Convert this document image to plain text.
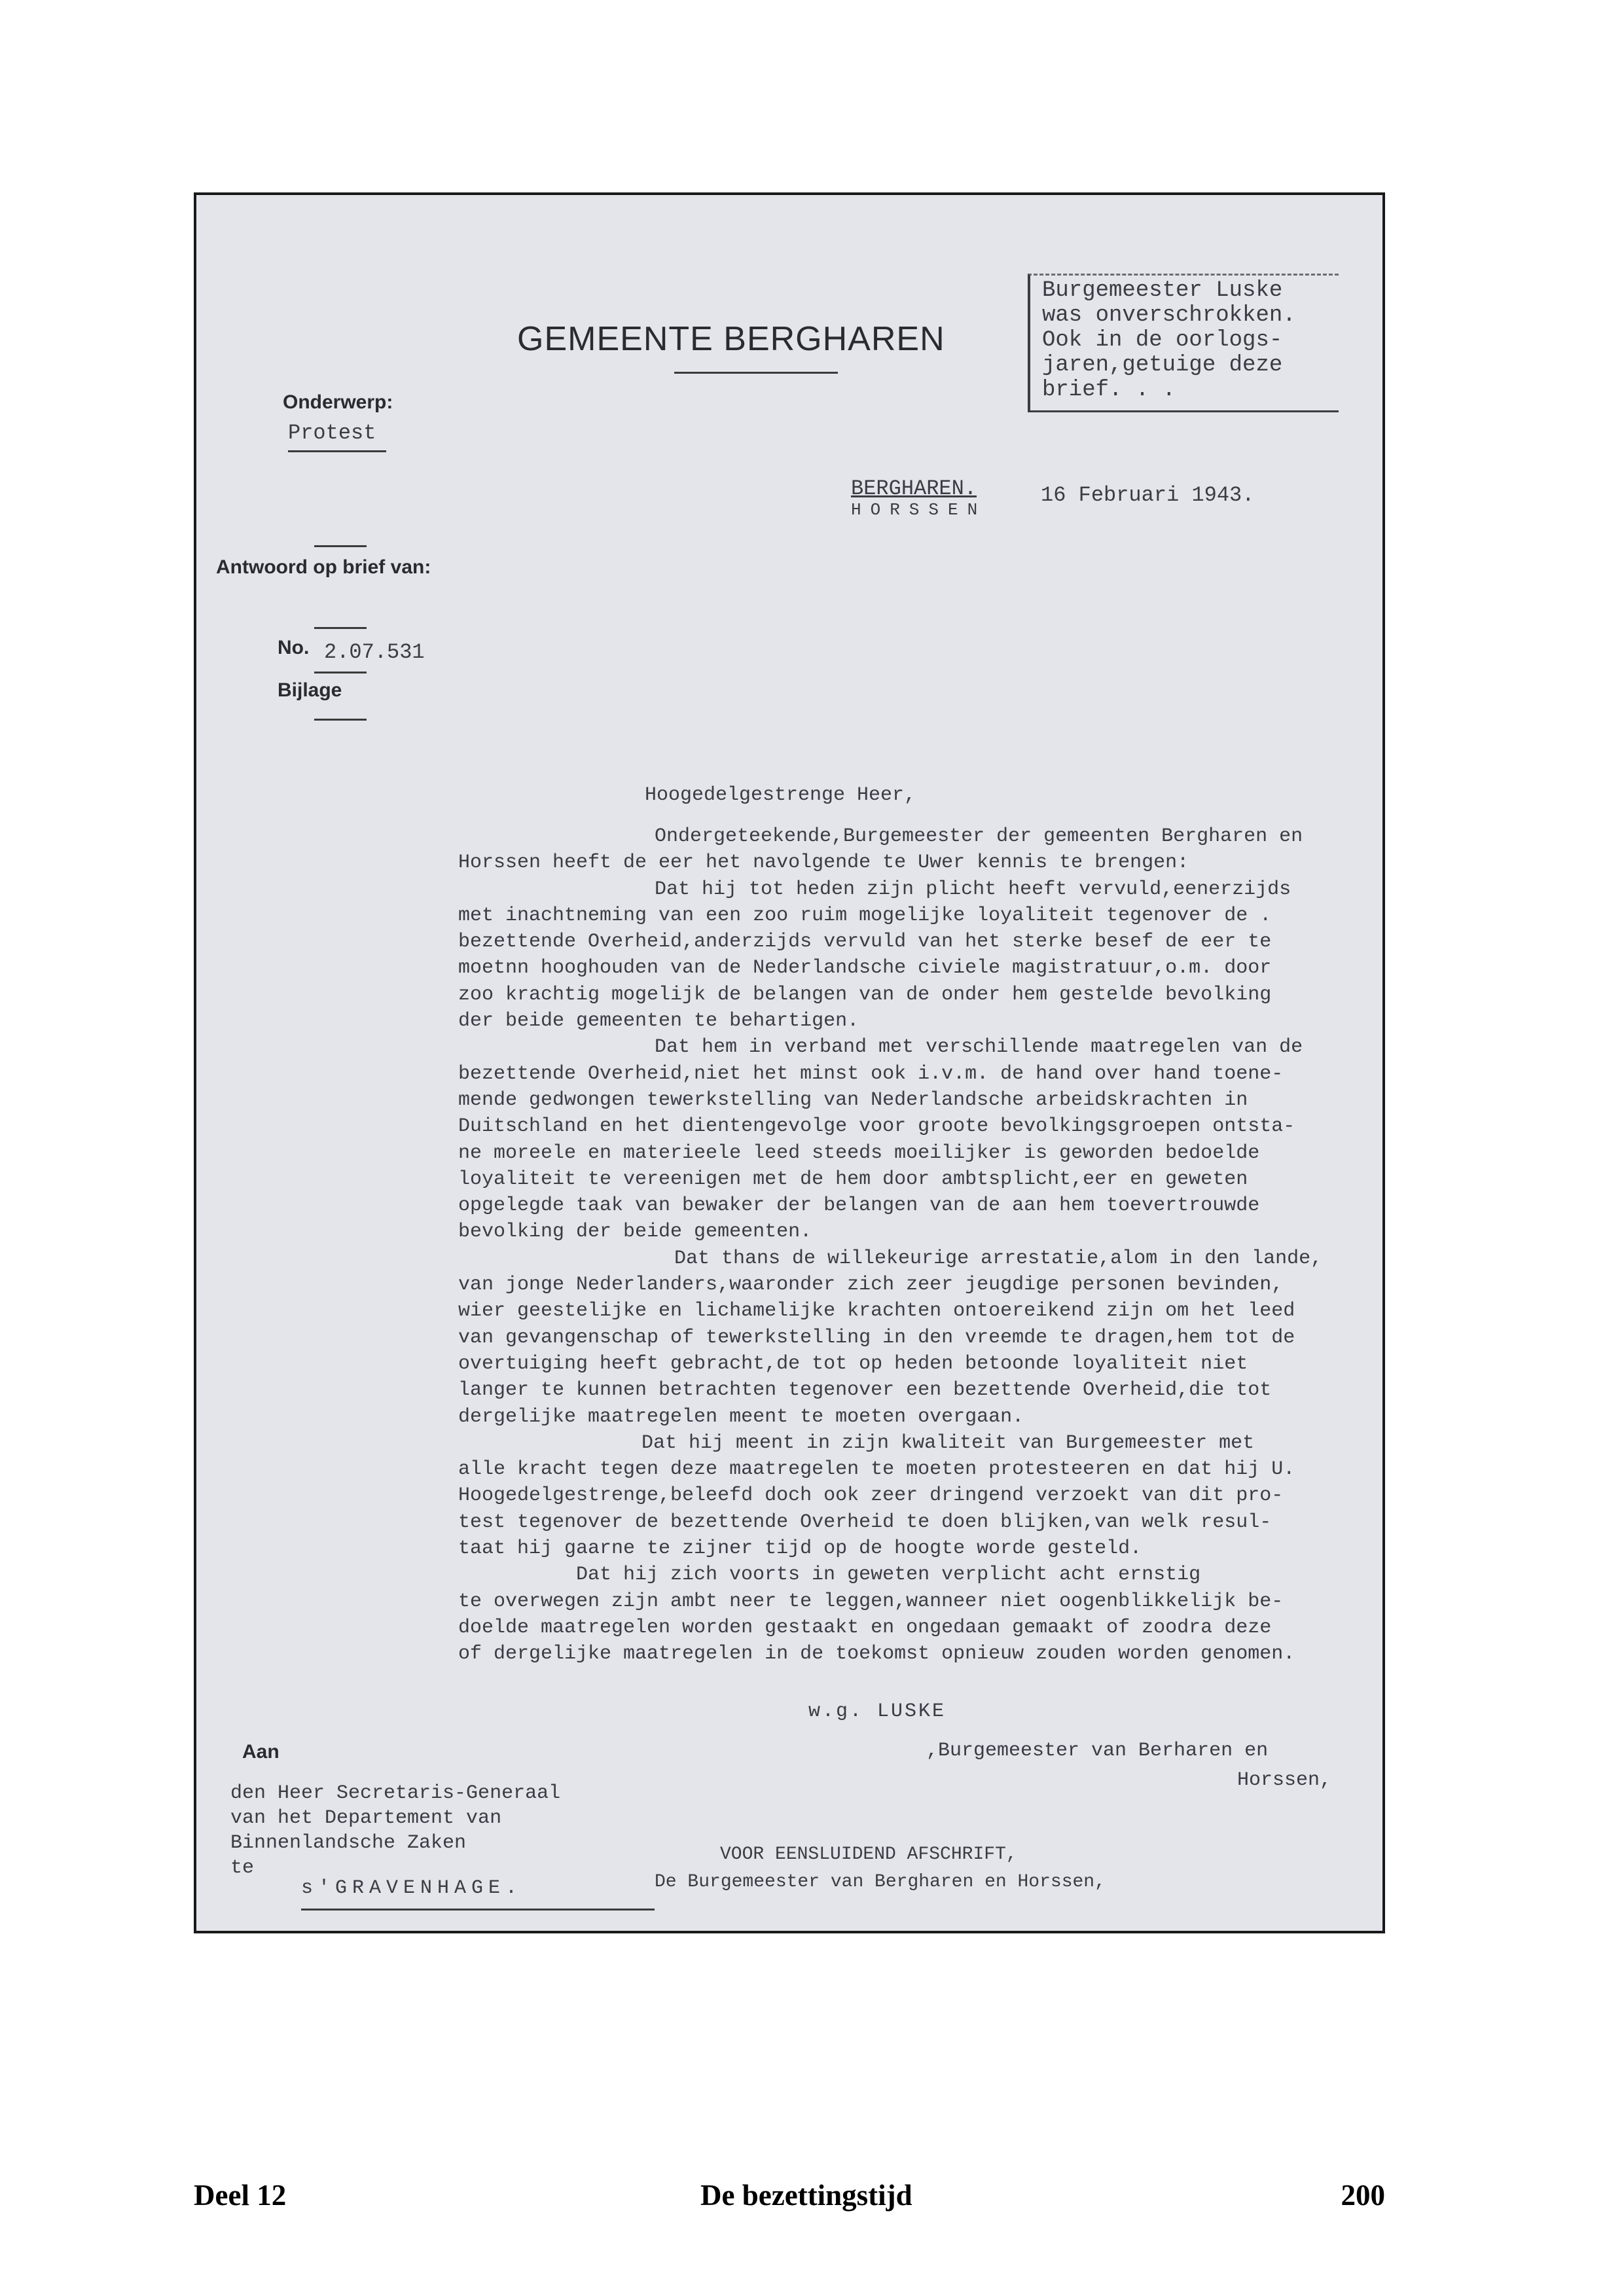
GEMEENTE BERGHAREN
Burgemeester Luske
was onverschrokken.
Ook in de oorlogs-
jaren,getuige deze
brief. . .
Onderwerp:
Protest
Antwoord op brief van:
No. 2.07.531
Bijlage
BERGHAREN.
HORSSEN
16 Februari 1943.
Hoogedelgestrenge Heer,

Ondergeteekende,Burgemeester der gemeenten Bergharen en

Horssen heeft de eer het navolgende te Uwer kennis te brengen:

Dat hij tot heden zijn plicht heeft vervuld,eenerzijds

met inachtneming van een zoo ruim mogelijke loyaliteit tegenover de .

bezettende Overheid,anderzijds vervuld van het sterke besef de eer te

moetnn hooghouden van de Nederlandsche civiele magistratuur,o.m. door

zoo krachtig mogelijk de belangen van de onder hem gestelde bevolking

der beide gemeenten te behartigen.

Dat hem in verband met verschillende maatregelen van de

bezettende Overheid,niet het minst ook i.v.m. de hand over hand toene-

mende gedwongen tewerkstelling van Nederlandsche arbeidskrachten in

Duitschland en het dientengevolge voor groote bevolkingsgroepen ontsta-

ne moreele en materieele leed steeds moeilijker is geworden bedoelde

loyaliteit te vereenigen met de hem door ambtsplicht,eer en geweten

opgelegde taak van bewaker der belangen van de aan hem toevertrouwde

bevolking der beide gemeenten.

Dat thans de willekeurige arrestatie,alom in den lande,

van jonge Nederlanders,waaronder zich zeer jeugdige personen bevinden,

wier geestelijke en lichamelijke krachten ontoereikend zijn om het leed

van gevangenschap of tewerkstelling in den vreemde te dragen,hem tot de

overtuiging heeft gebracht,de tot op heden betoonde loyaliteit niet

langer te kunnen betrachten tegenover een bezettende Overheid,die tot

dergelijke maatregelen meent te moeten overgaan.

Dat hij meent in zijn kwaliteit van Burgemeester met

alle kracht tegen deze maatregelen te moeten protesteeren en dat hij U.

Hoogedelgestrenge,beleefd doch ook zeer dringend verzoekt van dit pro-

test tegenover de bezettende Overheid te doen blijken,van welk resul-

taat hij gaarne te zijner tijd op de hoogte worde gesteld.

Dat hij zich voorts in geweten verplicht acht ernstig

te overwegen zijn ambt neer te leggen,wanneer niet oogenblikkelijk be-

doelde maatregelen worden gestaakt en ongedaan gemaakt of zoodra deze

of dergelijke maatregelen in de toekomst opnieuw zouden worden genomen.

w.g. LUSKE
,Burgemeester van Berharen en
Horssen,
Aan
den Heer Secretaris-Generaal
van het Departement van
Binnenlandsche Zaken
te
s'GRAVENHAGE.
VOOR EENSLUIDEND AFSCHRIFT,
De Burgemeester van Bergharen en Horssen,
Deel 12	De bezettingstijd	200
